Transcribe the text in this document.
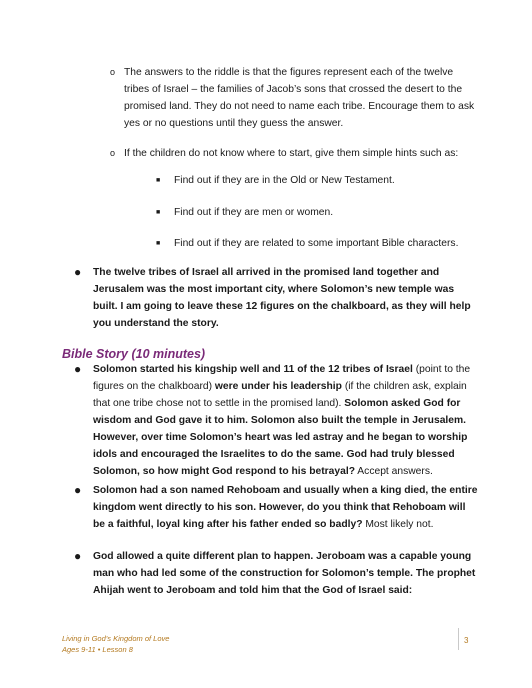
o The answers to the riddle is that the figures represent each of the twelve tribes of Israel – the families of Jacob’s sons that crossed the desert to the promised land. They do not need to name each tribe. Encourage them to ask yes or no questions until they guess the answer.
o If the children do not know where to start, give them simple hints such as:
■ Find out if they are in the Old or New Testament.
■ Find out if they are men or women.
■ Find out if they are related to some important Bible characters.
● The twelve tribes of Israel all arrived in the promised land together and Jerusalem was the most important city, where Solomon’s new temple was built. I am going to leave these 12 figures on the chalkboard, as they will help you understand the story.
Bible Story (10 minutes)
● Solomon started his kingship well and 11 of the 12 tribes of Israel (point to the figures on the chalkboard) were under his leadership (if the children ask, explain that one tribe chose not to settle in the promised land). Solomon asked God for wisdom and God gave it to him. Solomon also built the temple in Jerusalem. However, over time Solomon’s heart was led astray and he began to worship idols and encouraged the Israelites to do the same. God had truly blessed Solomon, so how might God respond to his betrayal? Accept answers.
● Solomon had a son named Rehoboam and usually when a king died, the entire kingdom went directly to his son. However, do you think that Rehoboam will be a faithful, loyal king after his father ended so badly? Most likely not.
● God allowed a quite different plan to happen. Jeroboam was a capable young man who had led some of the construction for Solomon’s temple. The prophet Ahijah went to Jeroboam and told him that the God of Israel said:
Living in God’s Kingdom of Love
Ages 9-11 • Lesson 8
3
